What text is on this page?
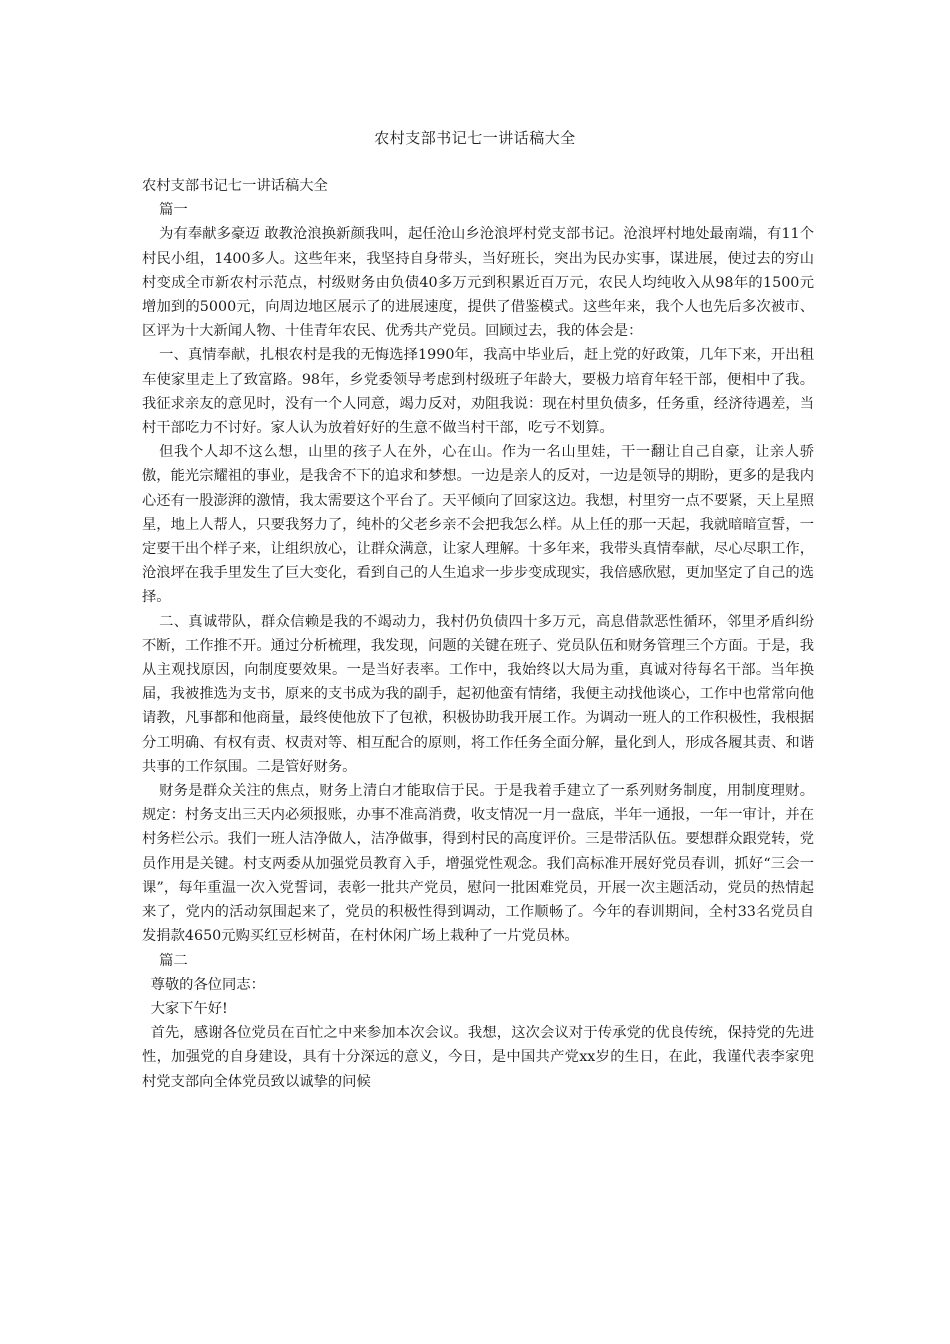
农村支部书记七一讲话稿大全

农村支部书记七一讲话稿大全

篇一

为有奉献多豪迈 敢教沧浪换新颜我叫，起任沧山乡沧浪坪村党支部书记。沧浪坪村地处最南端，有11个村民小组，1400多人。这些年来，我坚持自身带头，当好班长，突出为民办实事，谋进展，使过去的穷山村变成全市新农村示范点，村级财务由负债40多万元到积累近百万元，农民人均纯收入从98年的1500元增加到的5000元，向周边地区展示了的进展速度，提供了借鉴模式。这些年来，我个人也先后多次被市、区评为十大新闻人物、十佳青年农民、优秀共产党员。回顾过去，我的体会是：

一、真情奉献，扎根农村是我的无悔选择1990年，我高中毕业后，赶上党的好政策，几年下来，开出租车使家里走上了致富路。98年，乡党委领导考虑到村级班子年龄大，要极力培育年轻干部，便相中了我。我征求亲友的意见时，没有一个人同意，竭力反对，劝阻我说：现在村里负债多，任务重，经济待遇差，当村干部吃力不讨好。家人认为放着好好的生意不做当村干部，吃亏不划算。

但我个人却不这么想，山里的孩子人在外，心在山。作为一名山里娃，干一翻让自己自豪，让亲人骄傲，能光宗耀祖的事业，是我舍不下的追求和梦想。一边是亲人的反对，一边是领导的期盼，更多的是我内心还有一股澎湃的激情，我太需要这个平台了。天平倾向了回家这边。我想，村里穷一点不要紧，天上星照星，地上人帮人，只要我努力了，纯朴的父老乡亲不会把我怎么样。从上任的那一天起，我就暗暗宣誓，一定要干出个样子来，让组织放心，让群众满意，让家人理解。十多年来，我带头真情奉献，尽心尽职工作，沧浪坪在我手里发生了巨大变化，看到自己的人生追求一步步变成现实，我倍感欣慰，更加坚定了自己的选择。

二、真诚带队，群众信赖是我的不竭动力，我村仍负债四十多万元，高息借款恶性循环，邻里矛盾纠纷不断，工作推不开。通过分析梳理，我发现，问题的关键在班子、党员队伍和财务管理三个方面。于是，我从主观找原因，向制度要效果。一是当好表率。工作中，我始终以大局为重，真诚对待每名干部。当年换届，我被推选为支书，原来的支书成为我的副手，起初他蛮有情绪，我便主动找他谈心，工作中也常常向他请教，凡事都和他商量，最终使他放下了包袱，积极协助我开展工作。为调动一班人的工作积极性，我根据分工明确、有权有责、权责对等、相互配合的原则，将工作任务全面分解，量化到人，形成各履其责、和谐共事的工作氛围。二是管好财务。

财务是群众关注的焦点，财务上清白才能取信于民。于是我着手建立了一系列财务制度，用制度理财。规定：村务支出三天内必须报账，办事不准高消费，收支情况一月一盘底，半年一通报，一年一审计，并在村务栏公示。我们一班人洁净做人，洁净做事，得到村民的高度评价。三是带活队伍。要想群众跟党转，党员作用是关键。村支两委从加强党员教育入手，增强党性观念。我们高标准开展好党员春训，抓好“三会一课”，每年重温一次入党誓词，表彰一批共产党员，慰问一批困难党员，开展一次主题活动，党员的热情起来了，党内的活动氛围起来了，党员的积极性得到调动，工作顺畅了。今年的春训期间，全村33名党员自发捐款4650元购买红豆杉树苗，在村休闲广场上栽种了一片党员林。

篇二

尊敬的各位同志：

大家下午好!

首先，感谢各位党员在百忙之中来参加本次会议。我想，这次会议对于传承党的优良传统，保持党的先进性，加强党的自身建设，具有十分深远的意义，今日，是中国共产党xx岁的生日，在此，我谨代表李家兜村党支部向全体党员致以诚挚的问候
